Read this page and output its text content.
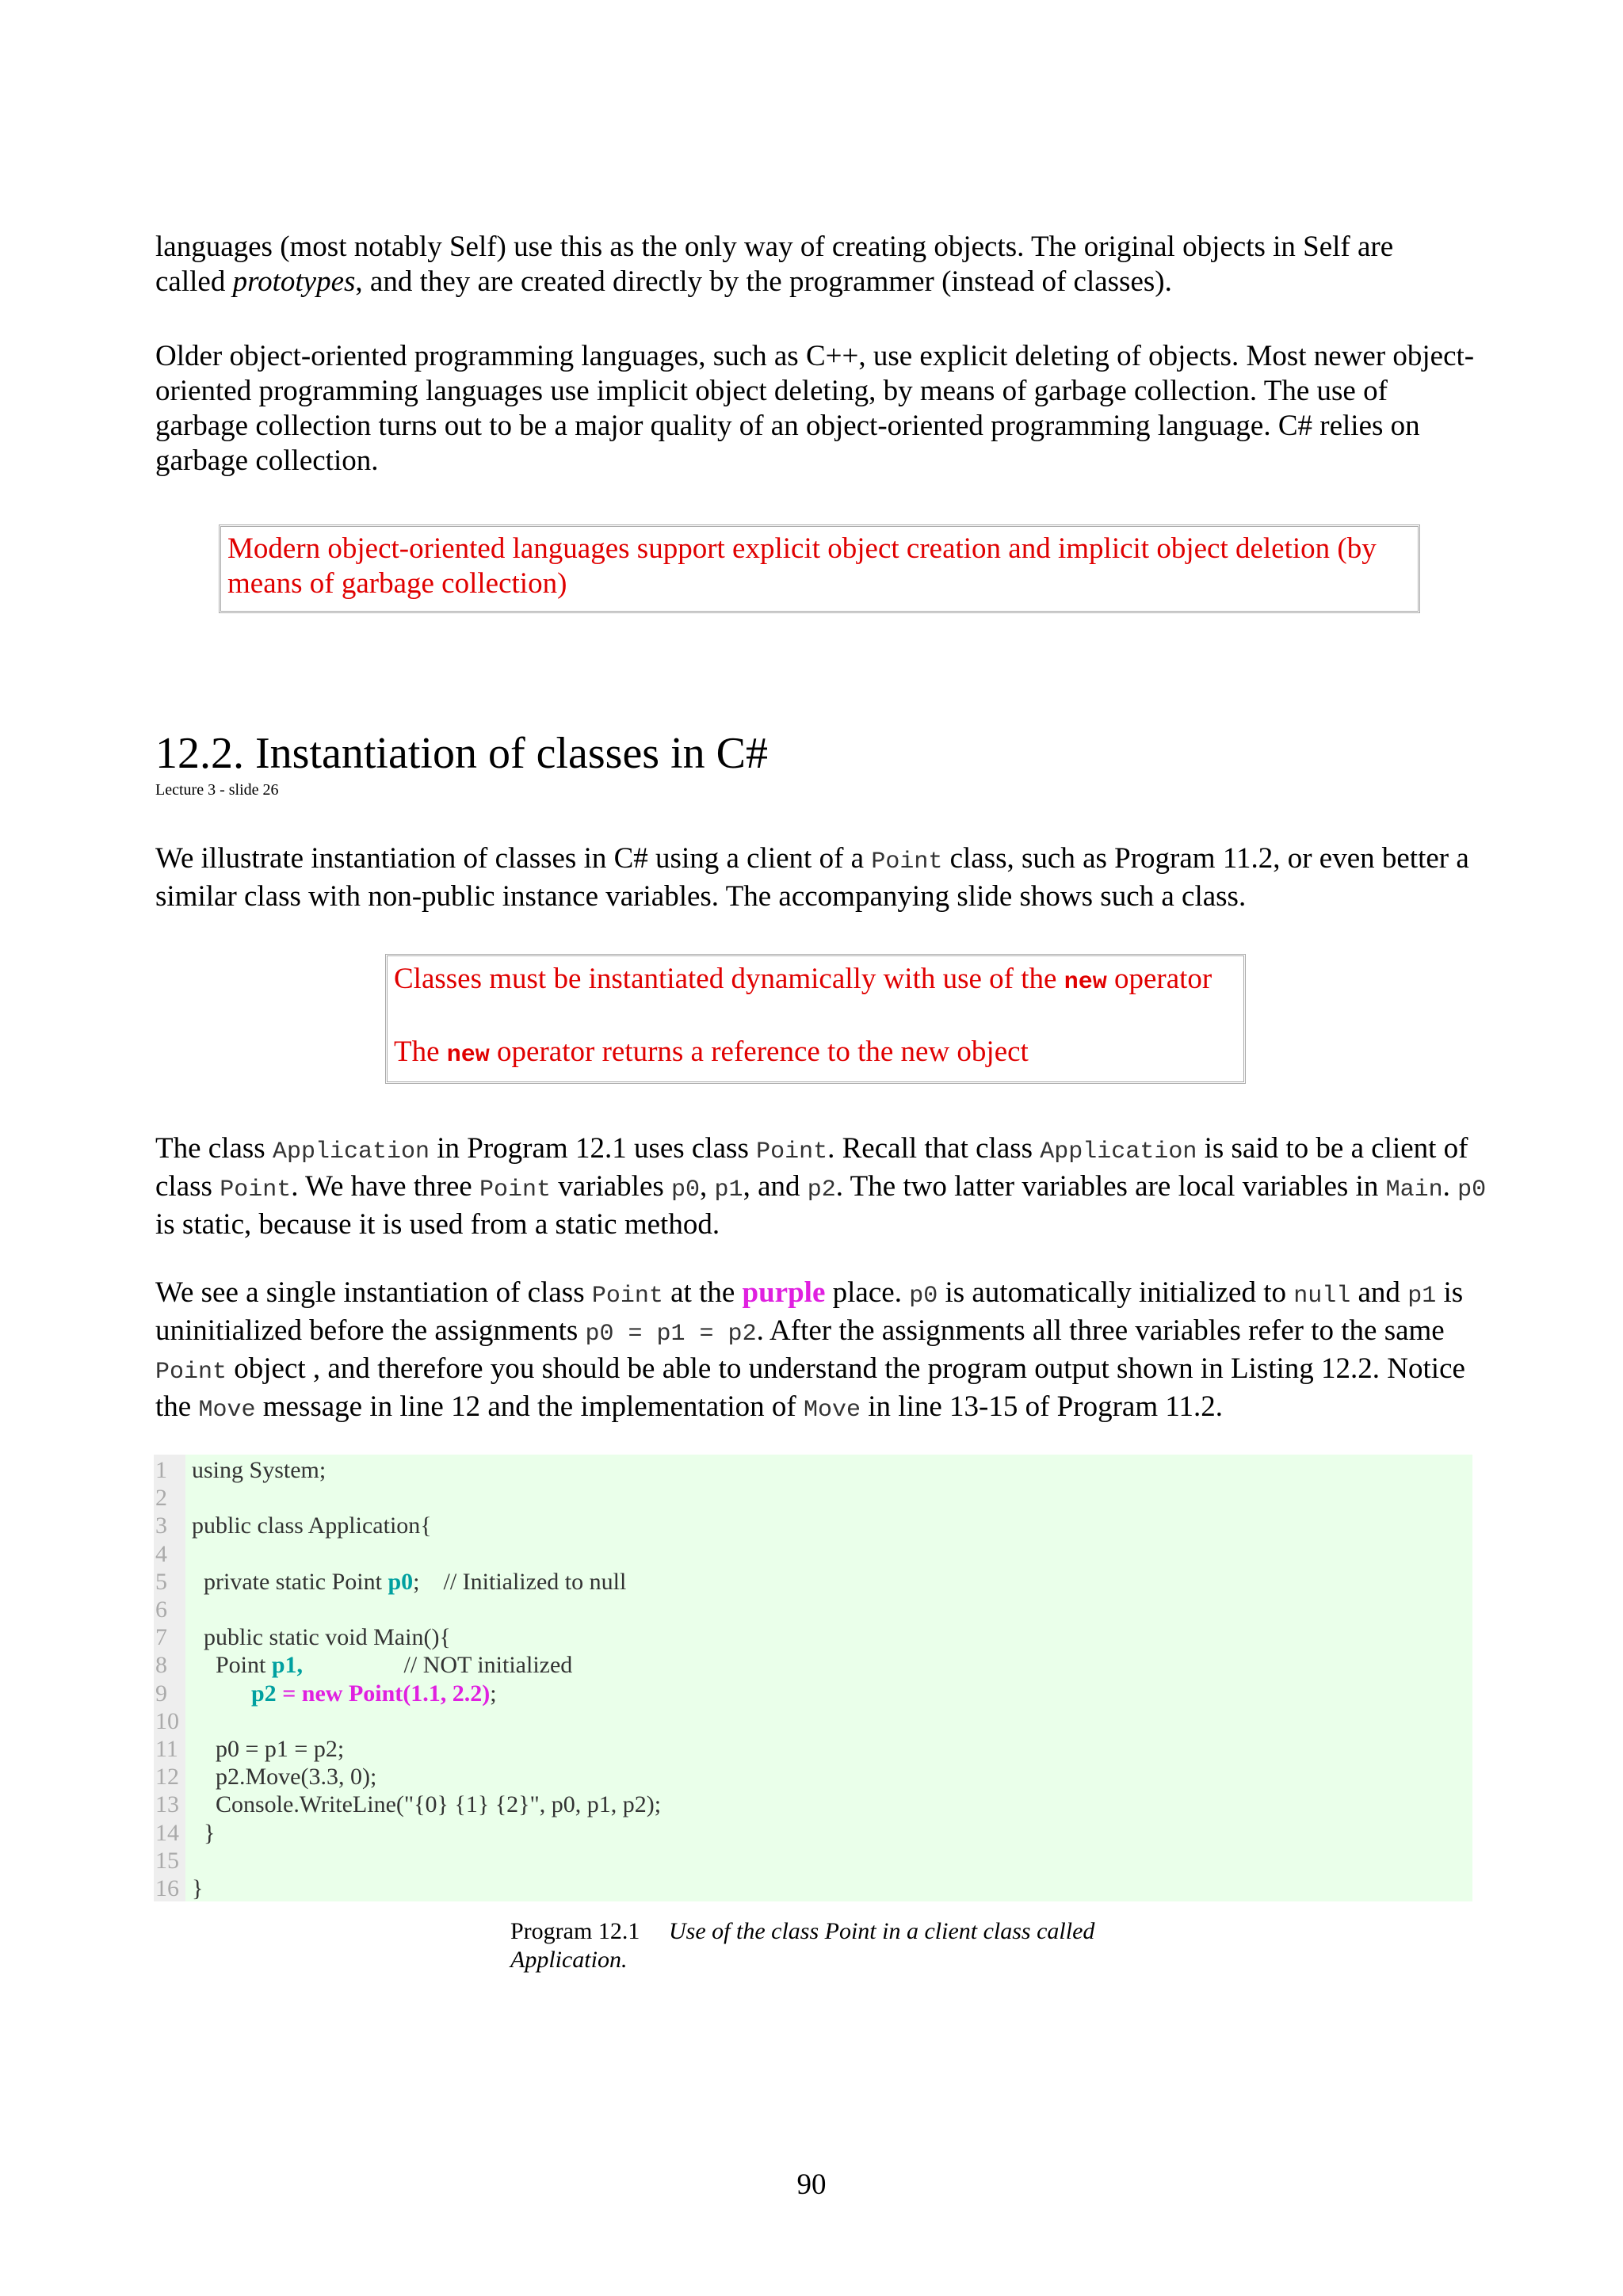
languages (most notably Self) use this as the only way of creating objects. The original objects in Self are
called prototypes, and they are created directly by the programmer (instead of classes).

Older object-oriented programming languages, such as C++, use explicit deleting of objects. Most newer object-oriented programming languages use implicit object deleting, by means of garbage collection. The use of garbage collection turns out to be a major quality of an object-oriented programming language. C# relies on garbage collection.

Modern object-oriented languages support explicit object creation and implicit object deletion (by means of garbage collection)
12.2. Instantiation of classes in C#
Lecture 3 - slide 26

We illustrate instantiation of classes in C# using a client of a Point class, such as Program 11.2, or even better a similar class with non-public instance variables. The accompanying slide shows such a class.

Classes must be instantiated dynamically with use of the new operator
The new operator returns a reference to the new object

The class Application in Program 12.1 uses class Point. Recall that class Application is said to be a client of class Point. We have three Point variables p0, p1, and p2. The two latter variables are local variables in Main. p0 is static, because it is used from a static method.

We see a single instantiation of class Point at the purple place. p0 is automatically initialized to null and p1 is uninitialized before the assignments p0 = p1 = p2. After the assignments all three variables refer to the same Point object , and therefore you should be able to understand the program output shown in Listing 12.2. Notice the Move message in line 12 and the implementation of Move in line 13-15 of Program 11.2.

1	using System;
2
3	public class Application{
4
5	private static Point p0;    // Initialized to null
6
7	public static void Main(){
8	Point p1,                 // NOT initialized
9	p2 = new Point(1.1, 2.2);
10
11 p0 = p1 = p2;
12 p2.Move(3.3, 0);
13 Console.WriteLine("{0} {1} {2}", p0, p1, p2);
14 }
15
16 }
Program 12.1 Use of the class Point in a client class called Application.
90
